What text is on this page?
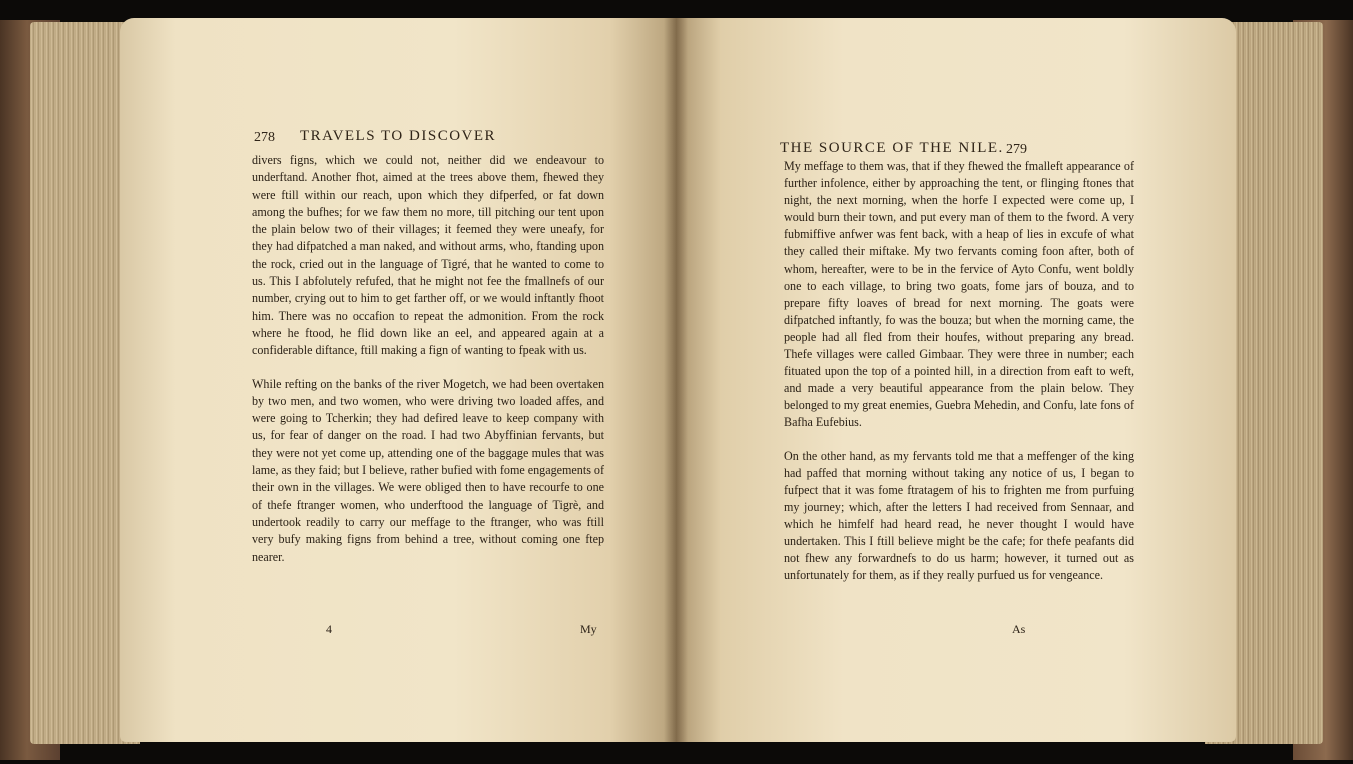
278 TRAVELS TO DISCOVER

divers figns, which we could not, neither did we endeavour to underftand. Another fhot, aimed at the trees above them, fhewed they were ftill within our reach, upon which they difperfed, or fat down among the bufhes; for we faw them no more, till pitching our tent upon the plain below two of their villages; it feemed they were uneafy, for they had difpatched a man naked, and without arms, who, ftanding upon the rock, cried out in the language of Tigré, that he wanted to come to us. This I abfolutely refufed, that he might not fee the fmallnefs of our number, crying out to him to get farther off, or we would inftantly fhoot him. There was no occafion to repeat the admonition. From the rock where he ftood, he flid down like an eel, and appeared again at a confiderable diftance, ftill making a fign of wanting to fpeak with us.

While refting on the banks of the river Mogetch, we had been overtaken by two men, and two women, who were driving two loaded affes, and were going to Tcherkin; they had defired leave to keep company with us, for fear of danger on the road. I had two Abyffinian fervants, but they were not yet come up, attending one of the baggage mules that was lame, as they faid; but I believe, rather bufied with fome engagements of their own in the villages. We were obliged then to have recourfe to one of thefe ftranger women, who underftood the language of Tigrè, and undertook readily to carry our meffage to the ftranger, who was ftill very bufy making figns from behind a tree, without coming one ftep nearer.

4	My
THE SOURCE OF THE NILE. 279

My meffage to them was, that if they fhewed the fmalleft appearance of further infolence, either by approaching the tent, or flinging ftones that night, the next morning, when the horfe I expected were come up, I would burn their town, and put every man of them to the fword. A very fubmiffive anfwer was fent back, with a heap of lies in excufe of what they called their miftake. My two fervants coming foon after, both of whom, hereafter, were to be in the fervice of Ayto Confu, went boldly one to each village, to bring two goats, fome jars of bouza, and to prepare fifty loaves of bread for next morning. The goats were difpatched inftantly, fo was the bouza; but when the morning came, the people had all fled from their houfes, without preparing any bread. Thefe villages were called Gimbaar. They were three in number; each fituated upon the top of a pointed hill, in a direction from eaft to weft, and made a very beautiful appearance from the plain below. They belonged to my great enemies, Guebra Mehedin, and Confu, late fons of Bafha Eufebius.

On the other hand, as my fervants told me that a meffenger of the king had paffed that morning without taking any notice of us, I began to fufpect that it was fome ftratagem of his to frighten me from purfuing my journey; which, after the letters I had received from Sennaar, and which he himfelf had heard read, he never thought I would have undertaken. This I ftill believe might be the cafe; for thefe peafants did not fhew any forwardnefs to do us harm; however, it turned out as unfortunately for them, as if they really purfued us for vengeance.

As
